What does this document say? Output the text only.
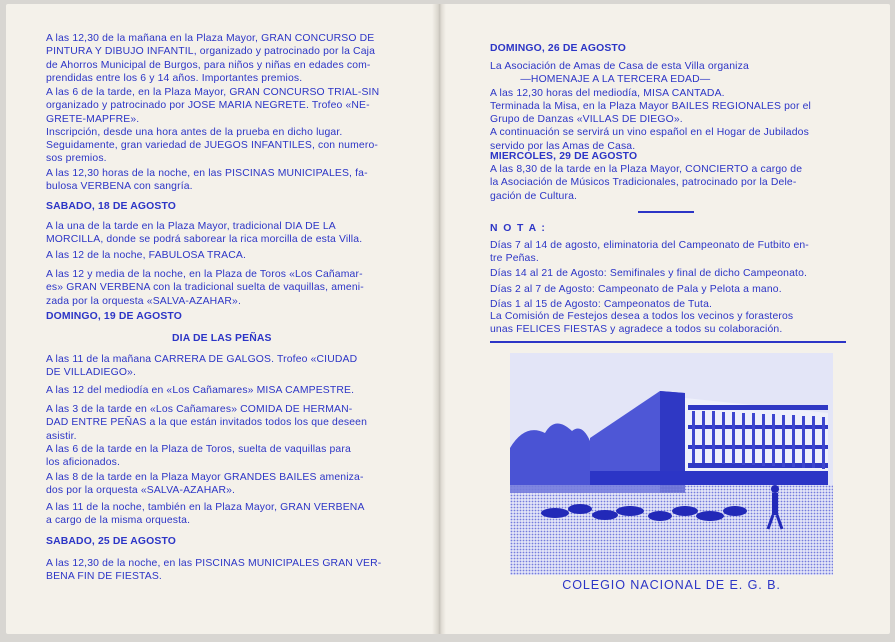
A las 12,30 de la mañana en la Plaza Mayor, GRAN CONCURSO DE
PINTURA Y DIBUJO INFANTIL, organizado y patrocinado por la Caja
de Ahorros Municipal de Burgos, para niños y niñas en edades com-
prendidas entre los 6 y 14 años. Importantes premios.
A las 6 de la tarde, en la Plaza Mayor, GRAN CONCURSO TRIAL-SIN
organizado y patrocinado por JOSE MARIA NEGRETE. Trofeo «NE-
GRETE-MAPFRE».
Inscripción, desde una hora antes de la prueba en dicho lugar.
Seguidamente, gran variedad de JUEGOS INFANTILES, con numero-
sos premios.
A las 12,30 horas de la noche, en las PISCINAS MUNICIPALES, fa-
bulosa VERBENA con sangría.
SABADO, 18 DE AGOSTO
A la una de la tarde en la Plaza Mayor, tradicional DIA DE LA
MORCILLA, donde se podrá saborear la rica morcilla de esta Villa.
A las 12 de la noche, FABULOSA TRACA.
A las 12 y media de la noche, en la Plaza de Toros «Los Cañamar-
es» GRAN VERBENA con la tradicional suelta de vaquillas, ameni-
zada por la orquesta «SALVA-AZAHAR».
DOMINGO, 19 DE AGOSTO
DIA DE LAS PEÑAS
A las 11 de la mañana CARRERA DE GALGOS. Trofeo «CIUDAD
DE VILLADIEGO».
A las 12 del mediodía en «Los Cañamares» MISA CAMPESTRE.
A las 3 de la tarde en «Los Cañamares» COMIDA DE HERMAN-
DAD ENTRE PEÑAS a la que están invitados todos los que deseen
asistir.
A las 6 de la tarde en la Plaza de Toros, suelta de vaquillas para
los aficionados.
A las 8 de la tarde en la Plaza Mayor GRANDES BAILES ameniza-
dos por la orquesta «SALVA-AZAHAR».
A las 11 de la noche, también en la Plaza Mayor, GRAN VERBENA
a cargo de la misma orquesta.
SABADO, 25 DE AGOSTO
A las 12,30 de la noche, en las PISCINAS MUNICIPALES GRAN VER-
BENA FIN DE FIESTAS.
DOMINGO, 26 DE AGOSTO
La Asociación de Amas de Casa de esta Villa organiza
—HOMENAJE A LA TERCERA EDAD—
A las 12,30 horas del mediodía, MISA CANTADA.
Terminada la Misa, en la Plaza Mayor BAILES REGIONALES por el
Grupo de Danzas «VILLAS DE DIEGO».
A continuación se servirá un vino español en el Hogar de Jubilados
servido por las Amas de Casa.
MIERCOLES, 29 DE AGOSTO
A las 8,30 de la tarde en la Plaza Mayor, CONCIERTO a cargo de
la Asociación de Músicos Tradicionales, patrocinado por la Dele-
gación de Cultura.
N O T A :
Días 7 al 14 de agosto, eliminatoria del Campeonato de Futbito en-
tre Peñas.
Días 14 al 21 de Agosto: Semifinales y final de dicho Campeonato.
Días 2 al 7 de Agosto: Campeonato de Pala y Pelota a mano.
Días 1 al 15 de Agosto: Campeonatos de Tuta.
La Comisión de Festejos desea a todos los vecinos y forasteros
unas FELICES FIESTAS y agradece a todos su colaboración.
COLEGIO NACIONAL DE E. G. B.
